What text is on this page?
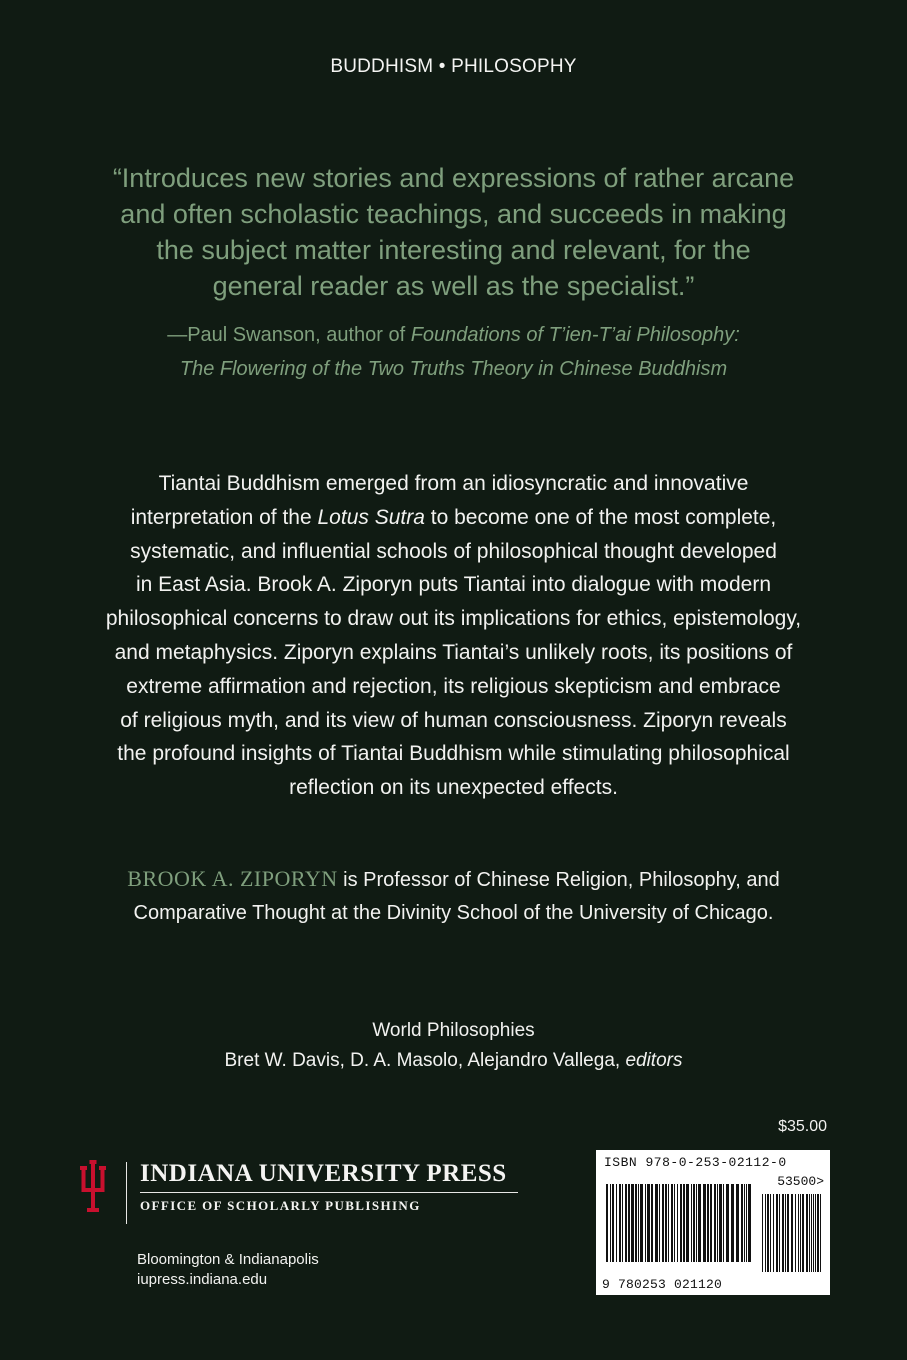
BUDDHISM • PHILOSOPHY
“Introduces new stories and expressions of rather arcane
and often scholastic teachings, and succeeds in making
the subject matter interesting and relevant, for the
general reader as well as the specialist.”
—Paul Swanson, author of Foundations of T’ien-T’ai Philosophy:
The Flowering of the Two Truths Theory in Chinese Buddhism
Tiantai Buddhism emerged from an idiosyncratic and innovative
interpretation of the Lotus Sutra to become one of the most complete,
systematic, and influential schools of philosophical thought developed
in East Asia. Brook A. Ziporyn puts Tiantai into dialogue with modern
philosophical concerns to draw out its implications for ethics, epistemology,
and metaphysics. Ziporyn explains Tiantai’s unlikely roots, its positions of
extreme affirmation and rejection, its religious skepticism and embrace
of religious myth, and its view of human consciousness. Ziporyn reveals
the profound insights of Tiantai Buddhism while stimulating philosophical
reflection on its unexpected effects.
BROOK A. ZIPORYN is Professor of Chinese Religion, Philosophy, and
Comparative Thought at the Divinity School of the University of Chicago.
World Philosophies
Bret W. Davis, D. A. Masolo, Alejandro Vallega, editors
$35.00
INDIANA UNIVERSITY PRESS
OFFICE OF SCHOLARLY PUBLISHING
Bloomington & Indianapolis
iupress.indiana.edu
ISBN 978-0-253-02112-0
53500>
9 780253 021120
